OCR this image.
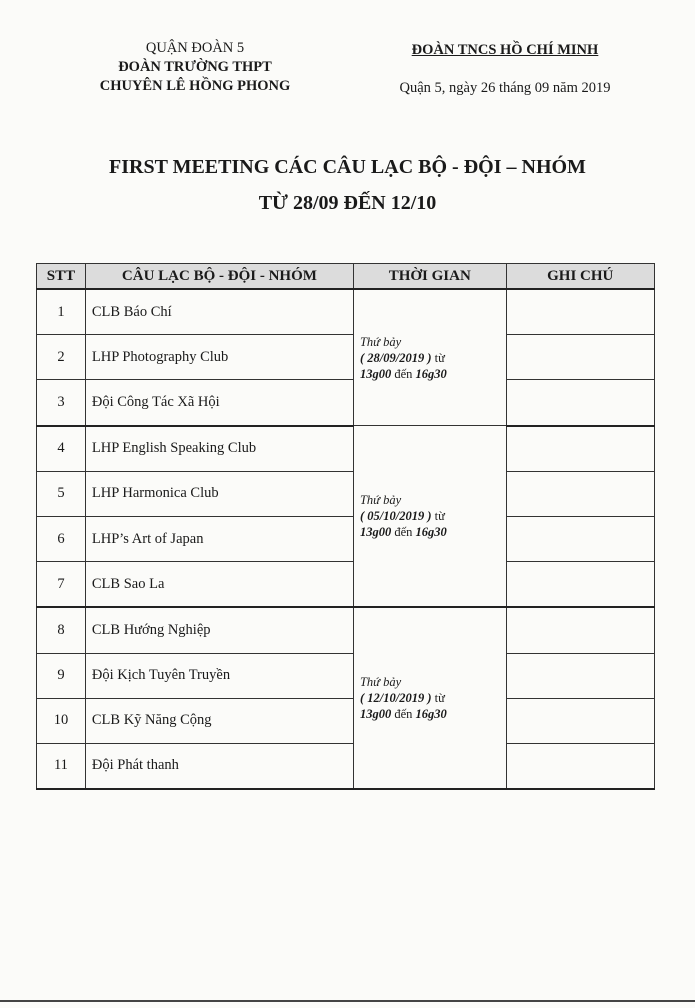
QUẬN ĐOÀN 5
ĐOÀN TRƯỜNG THPT
CHUYÊN LÊ HỒNG PHONG
ĐOÀN TNCS HỒ CHÍ MINH
Quận 5, ngày 26 tháng 09 năm 2019
FIRST MEETING CÁC CÂU LẠC BỘ - ĐỘI – NHÓM
TỪ 28/09 ĐẾN 12/10
STT	CÂU LẠC BỘ - ĐỘI - NHÓM	THỜI GIAN	GHI CHÚ
1	CLB Báo Chí	Thứ bảy
( 28/09/2019 ) từ
13g00 đến 16g30	

2	LHP Photography Club		
3	Đội Công Tác Xã Hội		
4	LHP English Speaking Club	Thứ bảy
( 05/10/2019 ) từ
13g00 đến 16g30	

5	LHP Harmonica Club		
6	LHP’s Art of Japan		
7	CLB Sao La		
8	CLB Hướng Nghiệp	Thứ bảy
( 12/10/2019 ) từ
13g00 đến 16g30	

9	Đội Kịch Tuyên Truyền		
10	CLB Kỹ Năng Cộng		
11	Đội Phát thanh		
